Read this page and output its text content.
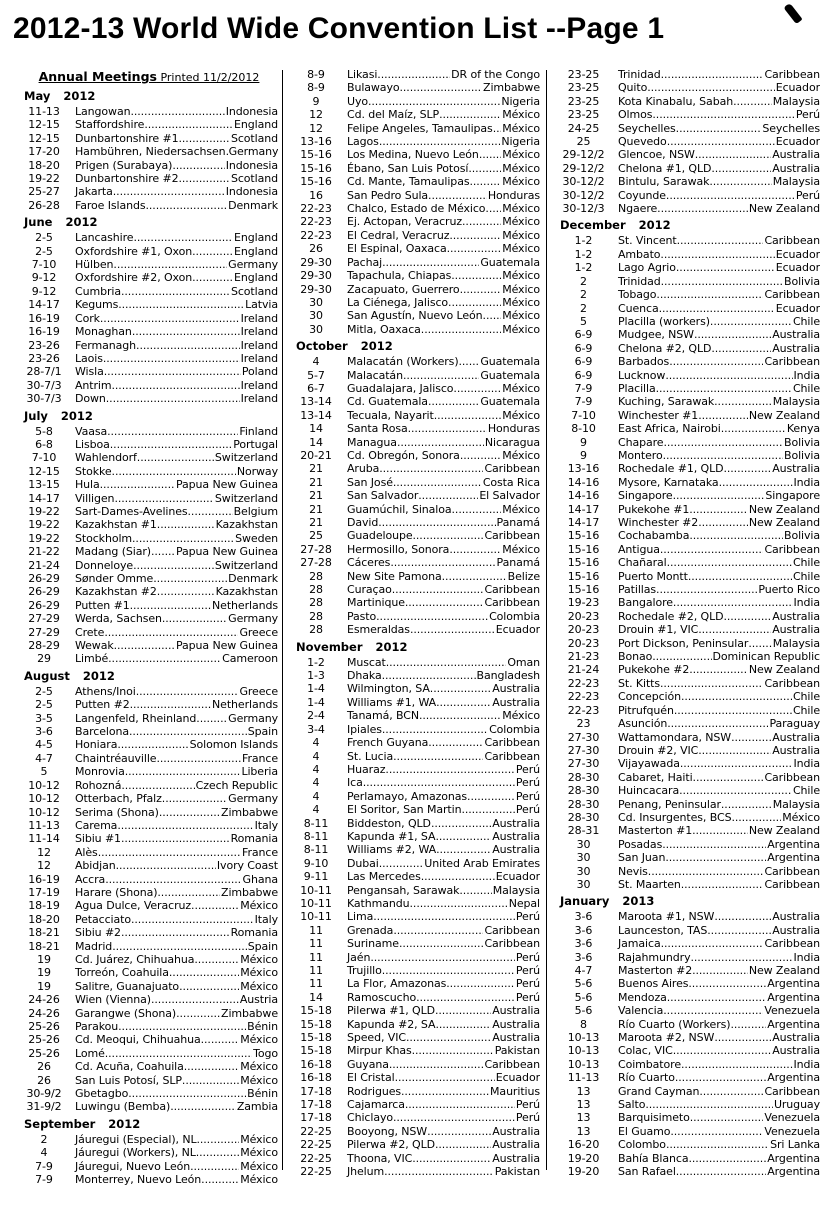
2012-13 World Wide Convention List --Page 1
Annual Meetings Printed 11/2/2012
May 2012
11-13	Langowan .....	Indonesia
12-15	Staffordshire .....	England
12-15	Dunbartonshire #1 .....	Scotland
17-20	Hambühren, Niedersachsen ..... Germany
18-20	Prigen (Surabaya) .....	Indonesia
19-22	Dunbartonshire #2 .....	Scotland
25-27	Jakarta .....	Indonesia
26-28	Faroe Islands .....	Denmark
June 2012
2-5	Lancashire .....	England
2-5	Oxfordshire #1, Oxon. .....	England
7-10	Hülben .....	Germany
9-12	Oxfordshire #2, Oxon. .....	England
9-12	Cumbria .....	Scotland
14-17	Kegums .....	Latvia
16-19	Cork .....	Ireland
16-19	Monaghan .....	Ireland
23-26	Fermanagh .....	Ireland
23-26	Laois .....	Ireland
28-7/1	Wisla .....	Poland
30-7/3	Antrim .....	Ireland
30-7/3	Down .....	Ireland
July 2012
5-8	Vaasa .....	Finland
6-8	Lisboa .....	Portugal
7-10	Wahlendorf .....	Switzerland
12-15	Stokke .....	Norway
13-15	Hula .....	Papua New Guinea
14-17	Villigen .....	Switzerland
19-22	Sart-Dames-Avelines .....	Belgium
19-22	Kazakhstan #1 .....	Kazakhstan
19-22	Stockholm .....	Sweden
21-22	Madang (Siar) ..... Papua New Guinea
21-24	Donneloye .....	Switzerland
26-29	Sønder Omme .....	Denmark
26-29	Kazakhstan #2 .....	Kazakhstan
26-29	Putten #1 .....	Netherlands
27-29	Werda, Sachsen .....	Germany
27-29	Crete .....	Greece
28-29	Wewak .....	Papua New Guinea
29	Limbé .....	Cameroon
August 2012
2-5	Athens/Inoi .....	Greece
2-5	Putten #2 .....	Netherlands
3-5	Langenfeld, Rheinland .....	Germany
3-6	Barcelona .....	Spain
4-5	Honiara .....	Solomon Islands
4-7	Chaintréauville .....	France
5	Monrovia .....	Liberia
10-12	Rohozná .....	Czech Republic
10-12	Otterbach, Pfalz .....	Germany
10-12	Serima (Shona) .....	Zimbabwe
11-13	Carema .....	Italy
11-14	Sibiu #1 .....	Romania
12	Alès .....	France
12	Abidjan .....	Ivory Coast
16-19	Accra .....	Ghana
17-19	Harare (Shona) .....	Zimbabwe
18-19	Agua Dulce, Veracruz .....	México
18-20	Petacciato .....	Italy
18-21	Sibiu #2 .....	Romania
18-21	Madrid .....	Spain
19	Cd. Juárez, Chihuahua .....	México
19	Torreón, Coahuila .....	México
19	Salitre, Guanajuato .....	México
24-26	Wien (Vienna) .....	Austria
24-26	Garangwe (Shona) .....	Zimbabwe
25-26	Parakou .....	Bénin
25-26	Cd. Meoqui, Chihuahua .....	México
25-26	Lomé .....	Togo
26	Cd. Acuña, Coahuila .....	México
26	San Luis Potosí, SLP .....	México
30-9/2	Gbetagbo .....	Bénin
31-9/2	Luwingu (Bemba) .....	Zambia
September 2012
2	Jáuregui (Especial), NL .....	México
4	Jáuregui (Workers), NL .....	México
7-9	Jáuregui, Nuevo León .....	México
7-9	Monterrey, Nuevo León .....	México
8-9	Likasi .....	DR of the Congo
8-9	Bulawayo .....	Zimbabwe
9	Uyo .....	Nigeria
12	Cd. del Maíz, SLP .....	México
12	Felipe Angeles, Tamaulipas ..... México
13-16	Lagos .....	Nigeria
15-16	Los Medina, Nuevo León ..... México
15-16	Ébano, San Luis Potosí .....	México
15-16	Cd. Mante, Tamaulipas .....	México
16	San Pedro Sula .....	Honduras
22-23	Chalco, Estado de México ..... México
22-23	Ej. Actopan, Veracruz .....	México
22-23	El Cedral, Veracruz .....	México
26	El Espinal, Oaxaca .....	México
29-30	Pachaj .....	Guatemala
29-30	Tapachula, Chiapas .....	México
29-30	Zacapuato, Guerrero .....	México
30	La Ciénega, Jalisco .....	México
30	San Agustín, Nuevo León ..... México
30	Mitla, Oaxaca .....	México
October 2012
4	Malacatán (Workers) ..... Guatemala
5-7	Malacatán .....	Guatemala
6-7	Guadalajara, Jalisco .....	México
13-14	Cd. Guatemala .....	Guatemala
13-14	Tecuala, Nayarit .....	México
14	Santa Rosa .....	Honduras
14	Managua .....	Nicaragua
20-21	Cd. Obregón, Sonora .....	México
21	Aruba .....	Caribbean
21	San José .....	Costa Rica
21	San Salvador .....	El Salvador
21	Guamúchil, Sinaloa .....	México
21	David .....	Panamá
25	Guadeloupe .....	Caribbean
27-28	Hermosillo, Sonora .....	México
27-28	Cáceres .....	Panamá
28	New Site Pamona .....	Belize
28	Curaçao .....	Caribbean
28	Martinique .....	Caribbean
28	Pasto .....	Colombia
28	Esmeraldas .....	Ecuador
November 2012
1-2	Muscat .....	Oman
1-3	Dhaka .....	Bangladesh
1-4	Wilmington, SA .....	Australia
1-4	Williams #1, WA .....	Australia
2-4	Tanamá, BCN .....	México
3-4	Ipiales .....	Colombia
4	French Guyana .....	Caribbean
4	St. Lucia .....	Caribbean
4	Huaraz .....	Perú
4	Ica .....	Perú
4	Perlamayo, Amazonas .....	Perú
4	El Soritor, San Martin .....	Perú
8-11	Biddeston, QLD .....	Australia
8-11	Kapunda #1, SA .....	Australia
8-11	Williams #2, WA .....	Australia
9-10	Dubai .....	United Arab Emirates
9-11	Las Mercedes .....	Ecuador
10-11	Pengansah, Sarawak .....	Malaysia
10-11	Kathmandu .....	Nepal
10-11	Lima .....	Perú
11	Grenada .....	Caribbean
11	Suriname .....	Caribbean
11	Jaén .....	Perú
11	Trujillo .....	Perú
11	La Flor, Amazonas .....	Perú
14	Ramoscucho .....	Perú
15-18	Pilerwa #1, QLD .....	Australia
15-18	Kapunda #2, SA .....	Australia
15-18	Speed, VIC .....	Australia
15-18	Mirpur Khas .....	Pakistan
16-18	Guyana .....	Caribbean
16-18	El Cristal .....	Ecuador
17-18	Rodrigues .....	Mauritius
17-18	Cajamarca .....	Perú
17-18	Chiclayo .....	Perú
22-25	Booyong, NSW .....	Australia
22-25	Pilerwa #2, QLD .....	Australia
22-25	Thoona, VIC .....	Australia
22-25	Jhelum .....	Pakistan
23-25	Trinidad .....	Caribbean
23-25	Quito .....	Ecuador
23-25	Kota Kinabalu, Sabah .....	Malaysia
23-25	Olmos .....	Perú
24-25	Seychelles .....	Seychelles
25	Quevedo .....	Ecuador
29-12/2	Glencoe, NSW .....	Australia
29-12/2	Chelona #1, QLD .....	Australia
30-12/2	Bintulu, Sarawak .....	Malaysia
30-12/2	Coyunde .....	Perú
30-12/3	Ngaere .....	New Zealand
December 2012
1-2	St. Vincent .....	Caribbean
1-2	Ambato .....	Ecuador
1-2	Lago Agrio .....	Ecuador
2	Trinidad .....	Bolivia
2	Tobago .....	Caribbean
2	Cuenca .....	Ecuador
5	Placilla (workers) .....	Chile
6-9	Mudgee, NSW .....	Australia
6-9	Chelona #2, QLD .....	Australia
6-9	Barbados .....	Caribbean
6-9	Lucknow .....	India
7-9	Placilla .....	Chile
7-9	Kuching, Sarawak .....	Malaysia
7-10	Winchester #1 .....	New Zealand
8-10	East Africa, Nairobi .....	Kenya
9	Chapare .....	Bolivia
9	Montero .....	Bolivia
13-16	Rochedale #1, QLD .....	Australia
14-16	Mysore, Karnataka .....	India
14-16	Singapore .....	Singapore
14-17	Pukekohe #1 .....	New Zealand
14-17	Winchester #2 .....	New Zealand
15-16	Cochabamba .....	Bolivia
15-16	Antigua .....	Caribbean
15-16	Chañaral .....	Chile
15-16	Puerto Montt .....	Chile
15-16	Patillas .....	Puerto Rico
19-23	Bangalore .....	India
20-23	Rochedale #2, QLD .....	Australia
20-23	Drouin #1, VIC .....	Australia
20-23	Port Dickson, Peninsular ..... Malaysia
21-23	Bonao .....	Dominican Republic
21-24	Pukekohe #2 .....	New Zealand
22-23	St. Kitts .....	Caribbean
22-23	Concepción .....	Chile
22-23	Pitrufquén .....	Chile
23	Asunción .....	Paraguay
27-30	Wattamondara, NSW .....	Australia
27-30	Drouin #2, VIC .....	Australia
27-30	Vijayawada .....	India
28-30	Cabaret, Haiti .....	Caribbean
28-30	Huincacara .....	Chile
28-30	Penang, Peninsular .....	Malaysia
28-30	Cd. Insurgentes, BCS .....	México
28-31	Masterton #1 .....	New Zealand
30	Posadas .....	Argentina
30	San Juan .....	Argentina
30	Nevis .....	Caribbean
30	St. Maarten .....	Caribbean
January 2013
3-6	Maroota #1, NSW .....	Australia
3-6	Launceston, TAS .....	Australia
3-6	Jamaica .....	Caribbean
3-6	Rajahmundry .....	India
4-7	Masterton #2 .....	New Zealand
5-6	Buenos Aires .....	Argentina
5-6	Mendoza .....	Argentina
5-6	Valencia .....	Venezuela
8	Río Cuarto (Workers) .....	Argentina
10-13	Maroota #2, NSW .....	Australia
10-13	Colac, VIC .....	Australia
10-13	Coimbatore .....	India
11-13	Río Cuarto .....	Argentina
13	Grand Cayman .....	Caribbean
13	Salto .....	Uruguay
13	Barquisimeto .....	Venezuela
13	El Guamo .....	Venezuela
16-20	Colombo .....	Sri Lanka
19-20	Bahía Blanca .....	Argentina
19-20	San Rafael .....	Argentina
